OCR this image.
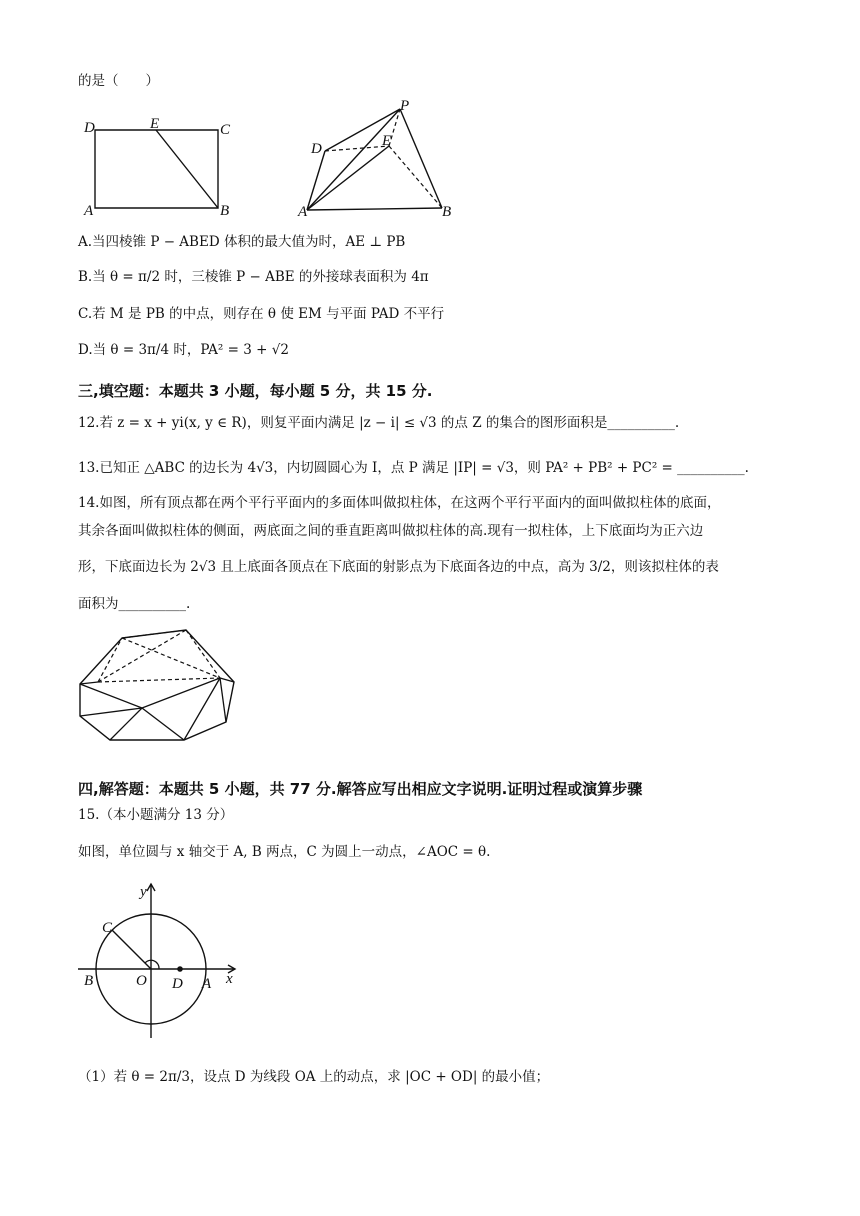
的是（　　）
D	E	C
A	B
P
D	E
A	B
A.当四棱锥 P − ABED 体积的最大值为时，AE ⊥ PB
B.当 θ = π/2 时，三棱锥 P − ABE 的外接球表面积为 4π
C.若 M 是 PB 的中点，则存在 θ 使 EM 与平面 PAD 不平行
D.当 θ = 3π/4 时，PA² = 3 + √2
三,填空题：本题共 3 小题，每小题 5 分，共 15 分.
12.若 z = x + yi(x, y ∈ R)，则复平面内满足 |z − i| ≤ √3 的点 Z 的集合的图形面积是__________.
13.已知正 △ABC 的边长为 4√3，内切圆圆心为 I，点 P 满足 |IP| = √3，则 PA² + PB² + PC² = __________.
14.如图，所有顶点都在两个平行平面内的多面体叫做拟柱体，在这两个平行平面内的面叫做拟柱体的底面，
其余各面叫做拟柱体的侧面，两底面之间的垂直距离叫做拟柱体的高.现有一拟柱体，上下底面均为正六边
形，下底面边长为 2√3 且上底面各顶点在下底面的射影点为下底面各边的中点，高为 3/2，则该拟柱体的表
面积为__________.
四,解答题：本题共 5 小题，共 77 分.解答应写出相应文字说明.证明过程或演算步骤
15.（本小题满分 13 分）
如图，单位圆与 x 轴交于 A, B 两点，C 为圆上一动点，∠AOC = θ.
y
C
B	O D A x
（1）若 θ = 2π/3，设点 D 为线段 OA 上的动点，求 |OC + OD| 的最小值；
